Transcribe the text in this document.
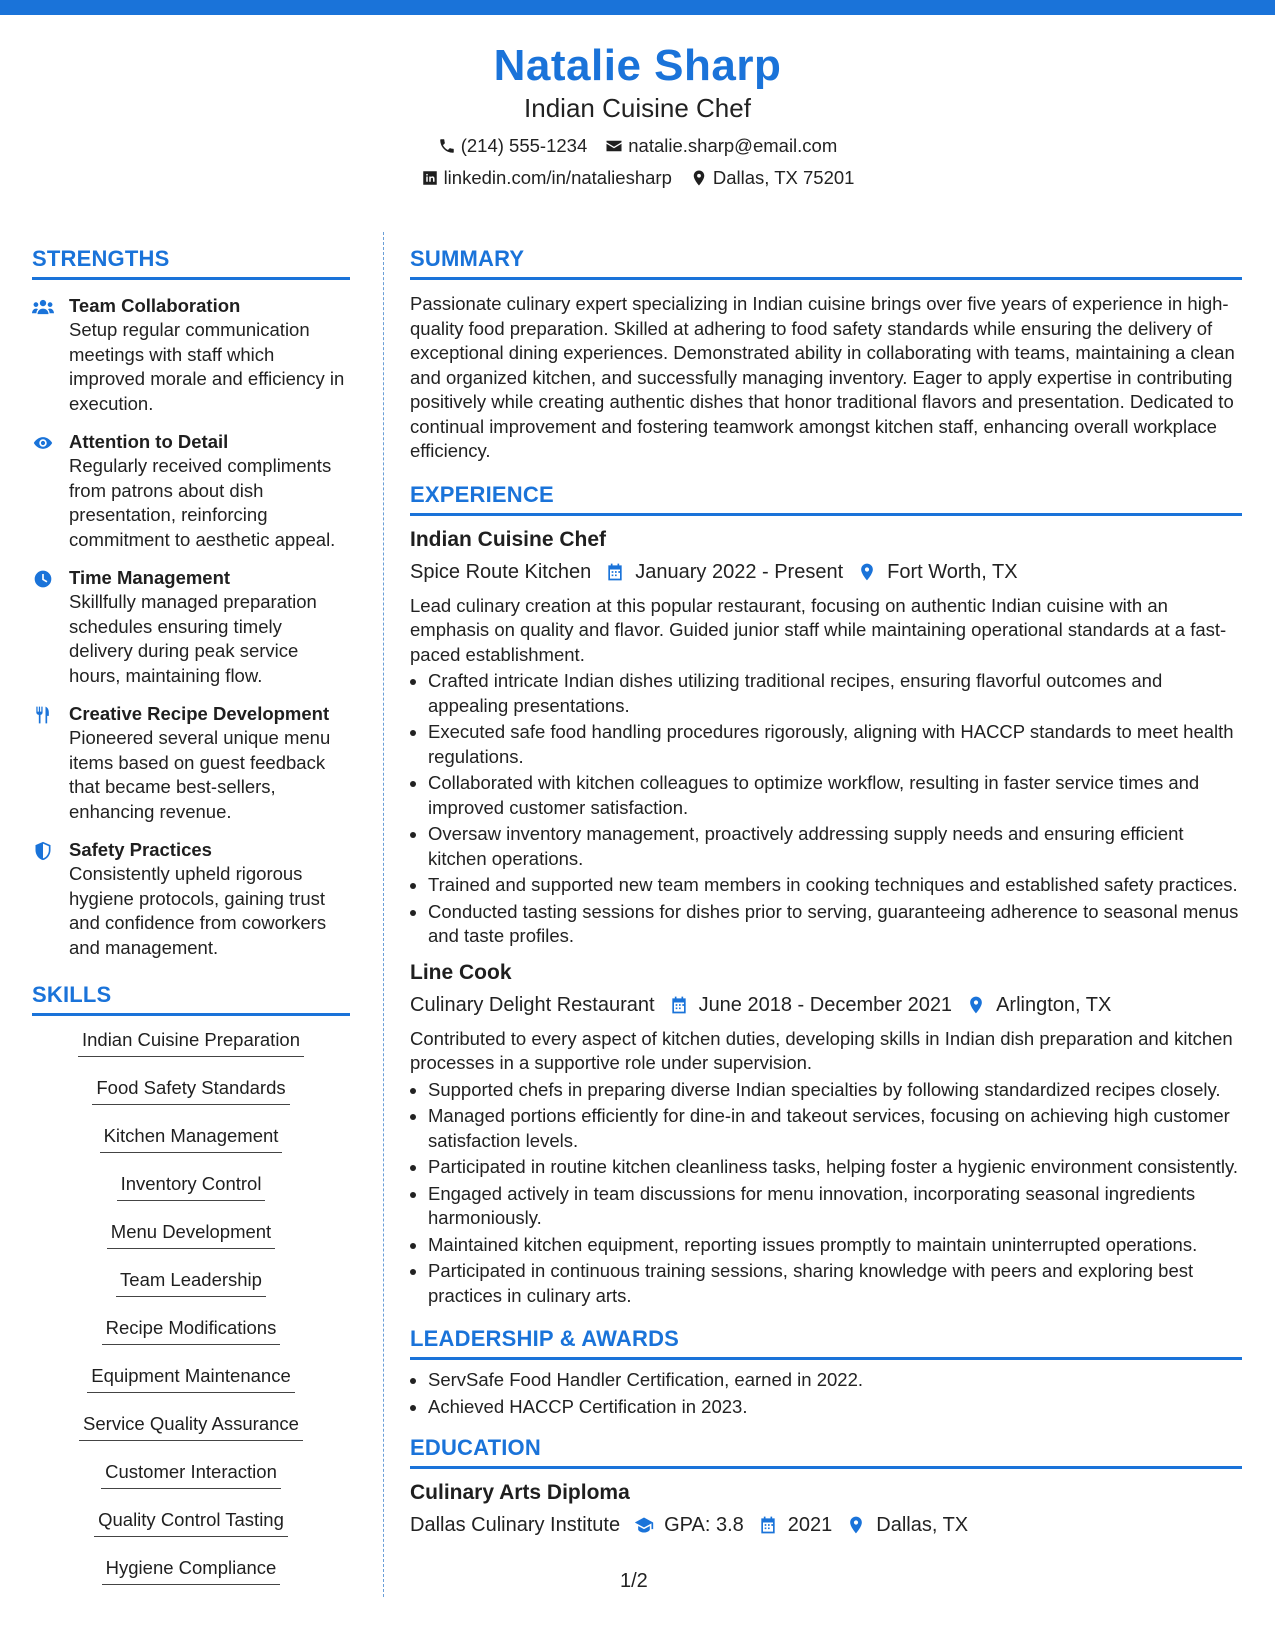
Natalie Sharp
Indian Cuisine Chef
(214) 555-1234 natalie.sharp@email.com
linkedin.com/in/nataliesharp Dallas, TX 75201
STRENGTHS
Team Collaboration
Setup regular communication meetings with staff which improved morale and efficiency in execution.
Attention to Detail
Regularly received compliments from patrons about dish presentation, reinforcing commitment to aesthetic appeal.
Time Management
Skillfully managed preparation schedules ensuring timely delivery during peak service hours, maintaining flow.
Creative Recipe Development
Pioneered several unique menu items based on guest feedback that became best-sellers, enhancing revenue.
Safety Practices
Consistently upheld rigorous hygiene protocols, gaining trust and confidence from coworkers and management.
SKILLS
Indian Cuisine Preparation
Food Safety Standards
Kitchen Management
Inventory Control
Menu Development
Team Leadership
Recipe Modifications
Equipment Maintenance
Service Quality Assurance
Customer Interaction
Quality Control Tasting
Hygiene Compliance
SUMMARY
Passionate culinary expert specializing in Indian cuisine brings over five years of experience in high-quality food preparation. Skilled at adhering to food safety standards while ensuring the delivery of exceptional dining experiences. Demonstrated ability in collaborating with teams, maintaining a clean and organized kitchen, and successfully managing inventory. Eager to apply expertise in contributing positively while creating authentic dishes that honor traditional flavors and presentation. Dedicated to continual improvement and fostering teamwork amongst kitchen staff, enhancing overall workplace efficiency.
EXPERIENCE
Indian Cuisine Chef
Spice Route Kitchen January 2022 - Present Fort Worth, TX
Lead culinary creation at this popular restaurant, focusing on authentic Indian cuisine with an emphasis on quality and flavor. Guided junior staff while maintaining operational standards at a fast-paced establishment.
• Crafted intricate Indian dishes utilizing traditional recipes, ensuring flavorful outcomes and appealing presentations.
• Executed safe food handling procedures rigorously, aligning with HACCP standards to meet health regulations.
• Collaborated with kitchen colleagues to optimize workflow, resulting in faster service times and improved customer satisfaction.
• Oversaw inventory management, proactively addressing supply needs and ensuring efficient kitchen operations.
• Trained and supported new team members in cooking techniques and established safety practices.
• Conducted tasting sessions for dishes prior to serving, guaranteeing adherence to seasonal menus and taste profiles.
Line Cook
Culinary Delight Restaurant June 2018 - December 2021 Arlington, TX
Contributed to every aspect of kitchen duties, developing skills in Indian dish preparation and kitchen processes in a supportive role under supervision.
• Supported chefs in preparing diverse Indian specialties by following standardized recipes closely.
• Managed portions efficiently for dine-in and takeout services, focusing on achieving high customer satisfaction levels.
• Participated in routine kitchen cleanliness tasks, helping foster a hygienic environment consistently.
• Engaged actively in team discussions for menu innovation, incorporating seasonal ingredients harmoniously.
• Maintained kitchen equipment, reporting issues promptly to maintain uninterrupted operations.
• Participated in continuous training sessions, sharing knowledge with peers and exploring best practices in culinary arts.
LEADERSHIP & AWARDS
• ServSafe Food Handler Certification, earned in 2022.
• Achieved HACCP Certification in 2023.
EDUCATION
Culinary Arts Diploma
Dallas Culinary Institute GPA: 3.8 2021 Dallas, TX
1/2
